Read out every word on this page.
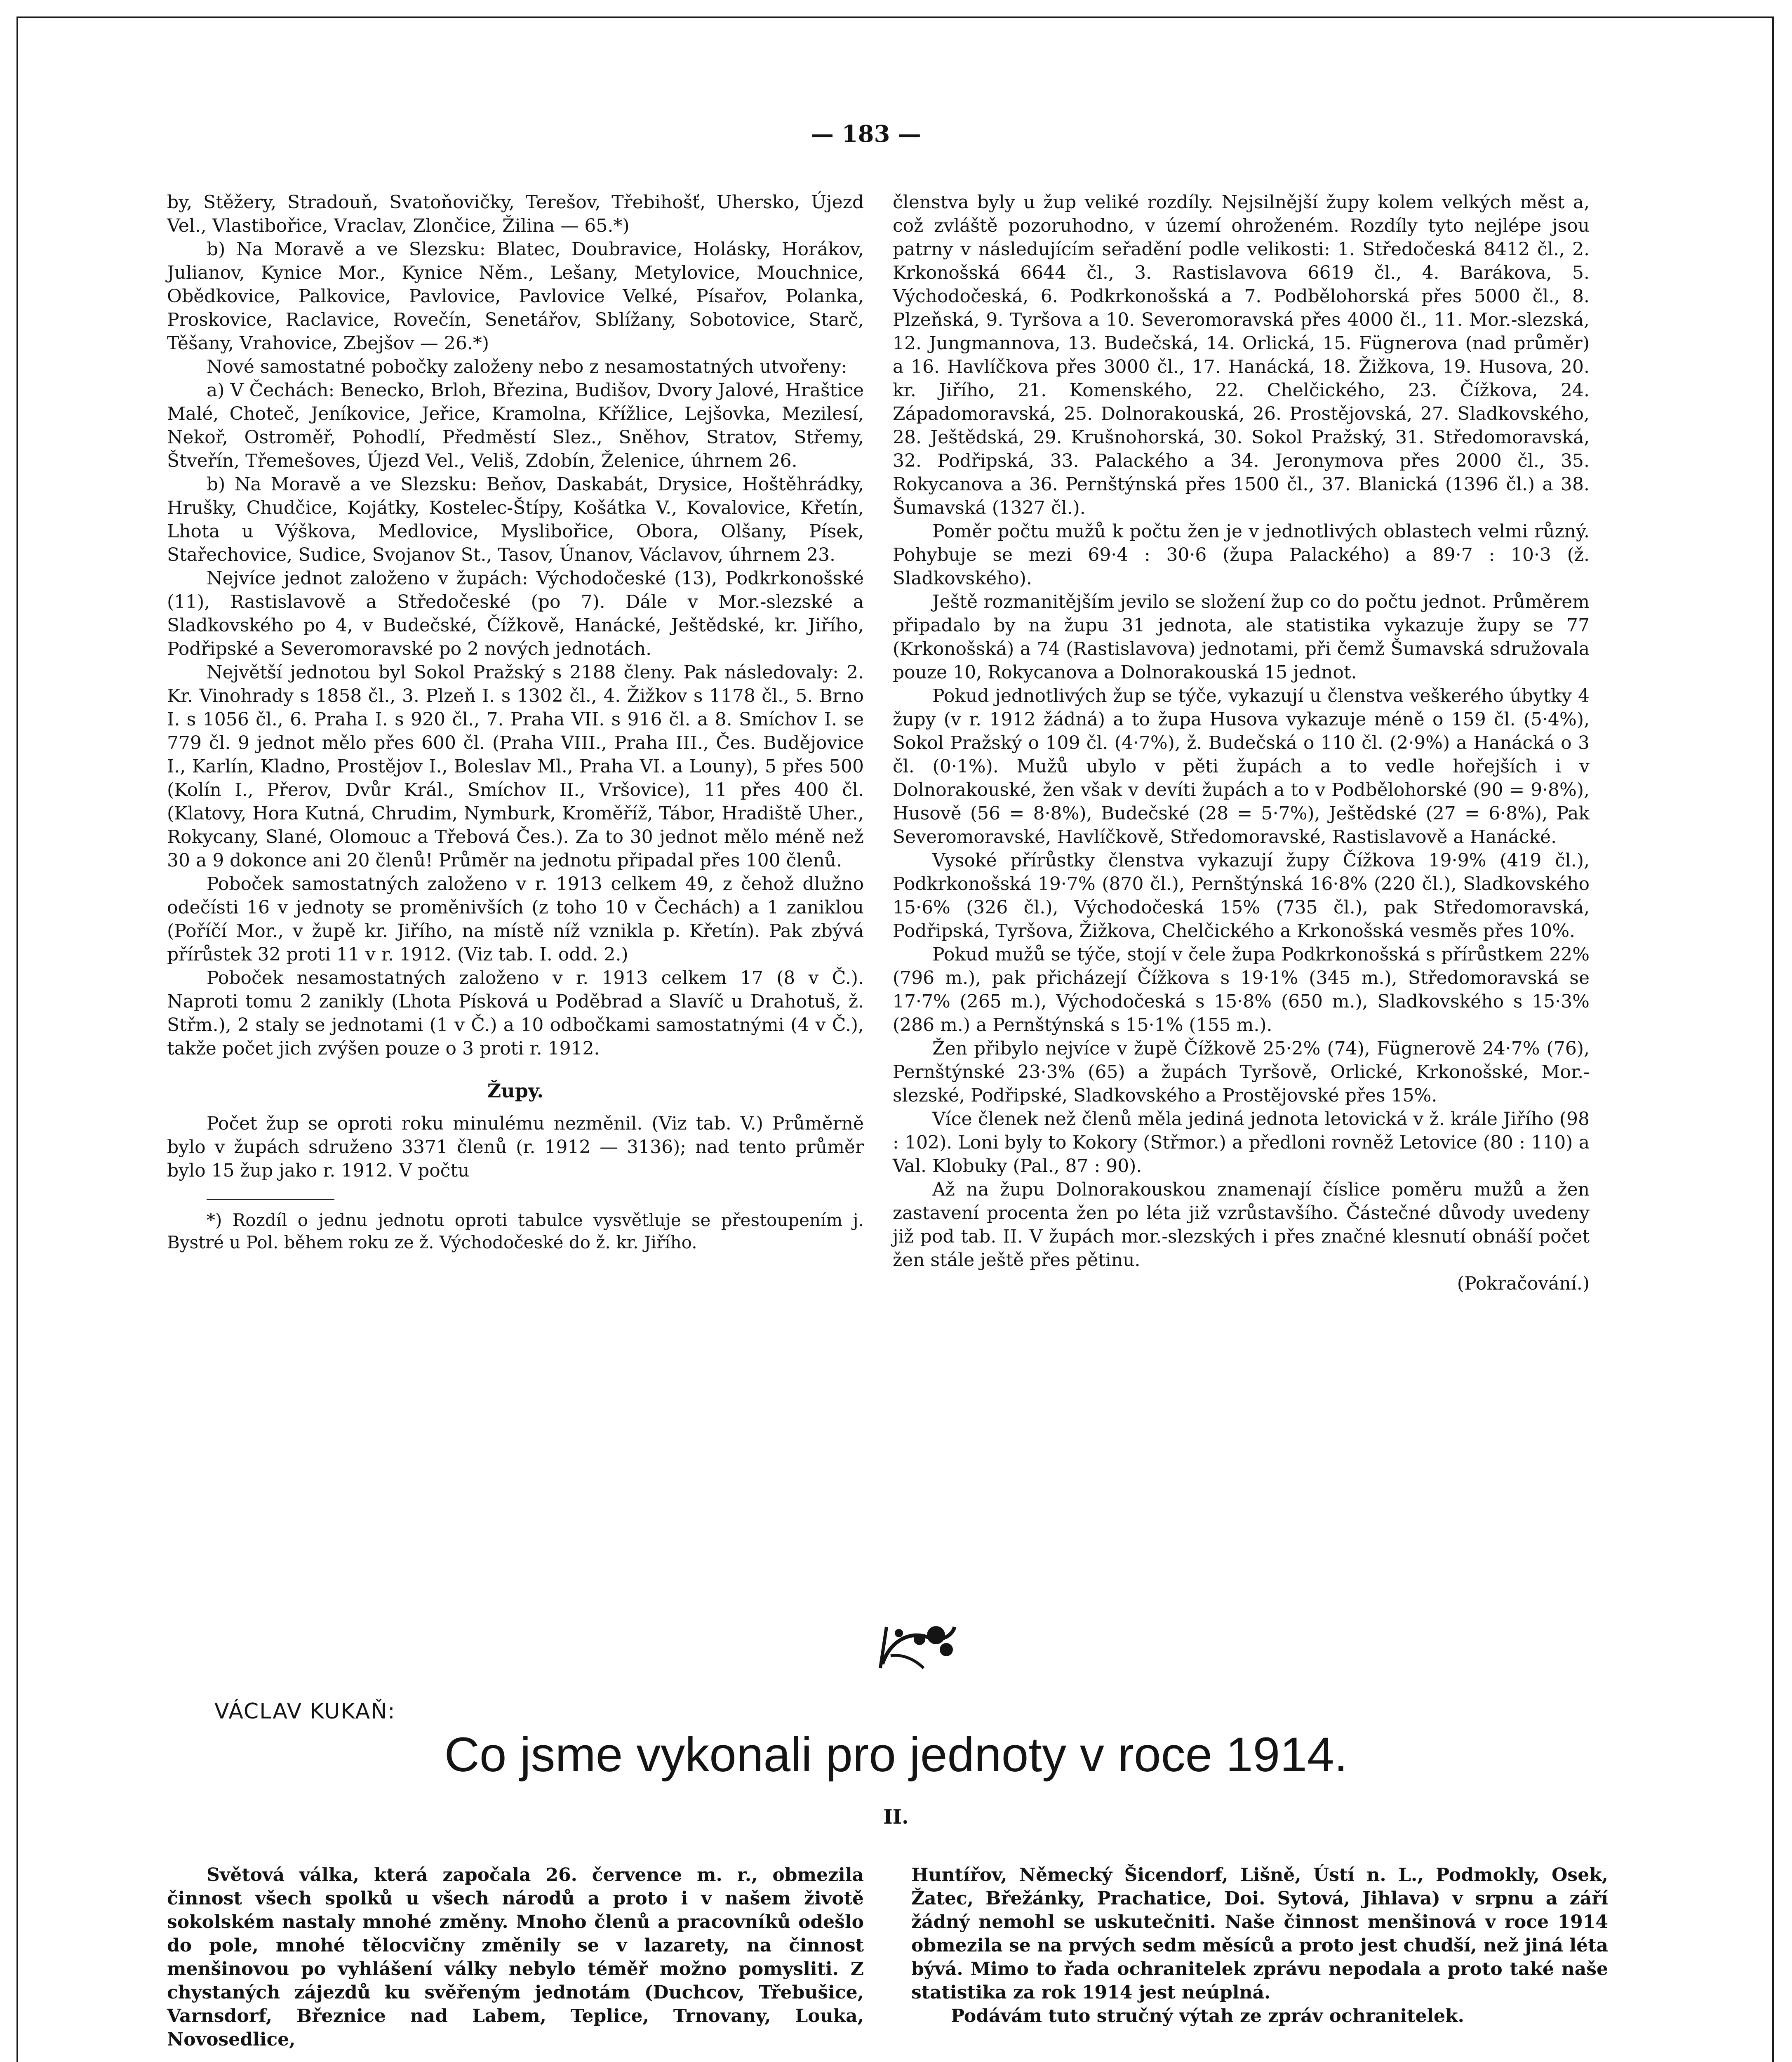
— 183 —

by, Stěžery, Stradouň, Svatoňovičky, Terešov, Třebihošť, Uhersko, Újezd Vel., Vlastibořice, Vraclav, Zlončice, Žilina — 65.*)

b) Na Moravě a ve Slezsku: Blatec, Doubravice, Holásky, Horákov, Julianov, Kynice Mor., Kynice Něm., Lešany, Metylovice, Mouchnice, Obědkovice, Palkovice, Pavlovice, Pavlovice Velké, Písařov, Polanka, Proskovice, Raclavice, Rovečín, Senetářov, Sblížany, Sobotovice, Starč, Těšany, Vrahovice, Zbejšov — 26.*)

Nové samostatné pobočky založeny nebo z nesamostatných utvořeny:

a) V Čechách: Benecko, Brloh, Březina, Budišov, Dvory Jalové, Hraštice Malé, Choteč, Jeníkovice, Jeřice, Kramolna, Křížlice, Lejšovka, Mezilesí, Nekoř, Ostroměř, Pohodlí, Předměstí Slez., Sněhov, Stratov, Střemy, Štveřín, Třemešoves, Újezd Vel., Veliš, Zdobín, Želenice, úhrnem 26.

b) Na Moravě a ve Slezsku: Beňov, Daskabát, Drysice, Hoštěhrádky, Hrušky, Chudčice, Kojátky, Kostelec-Štípy, Košátka V., Kovalovice, Křetín, Lhota u Výškova, Medlovice, Myslibořice, Obora, Olšany, Písek, Stařechovice, Sudice, Svojanov St., Tasov, Únanov, Václavov, úhrnem 23.

Nejvíce jednot založeno v župách: Východočeské (13), Podkrkonošské (11), Rastislavově a Středočeské (po 7). Dále v Mor.-slezské a Sladkovského po 4, v Budečské, Čížkově, Hanácké, Ještědské, kr. Jiřího, Podřipské a Severomoravské po 2 nových jednotách.

Největší jednotou byl Sokol Pražský s 2188 členy. Pak následovaly: 2. Kr. Vinohrady s 1858 čl., 3. Plzeň I. s 1302 čl., 4. Žižkov s 1178 čl., 5. Brno I. s 1056 čl., 6. Praha I. s 920 čl., 7. Praha VII. s 916 čl. a 8. Smíchov I. se 779 čl. 9 jednot mělo přes 600 čl. (Praha VIII., Praha III., Čes. Budějovice I., Karlín, Kladno, Prostějov I., Boleslav Ml., Praha VI. a Louny), 5 přes 500 (Kolín I., Přerov, Dvůr Král., Smíchov II., Vršovice), 11 přes 400 čl. (Klatovy, Hora Kutná, Chrudim, Nymburk, Kroměříž, Tábor, Hradiště Uher., Rokycany, Slané, Olomouc a Třebová Čes.). Za to 30 jednot mělo méně než 30 a 9 dokonce ani 20 členů! Průměr na jednotu připadal přes 100 členů.

Poboček samostatných založeno v r. 1913 celkem 49, z čehož dlužno odečísti 16 v jednoty se proměnivších (z toho 10 v Čechách) a 1 zaniklou (Poříčí Mor., v župě kr. Jiřího, na místě níž vznikla p. Křetín). Pak zbývá přírůstek 32 proti 11 v r. 1912. (Viz tab. I. odd. 2.)

Poboček nesamostatných založeno v r. 1913 celkem 17 (8 v Č.). Naproti tomu 2 zanikly (Lhota Písková u Poděbrad a Slavíč u Drahotuš, ž. Střm.), 2 staly se jednotami (1 v Č.) a 10 odbočkami samostatnými (4 v Č.), takže počet jich zvýšen pouze o 3 proti r. 1912.

Župy.

Počet žup se oproti roku minulému nezměnil. (Viz tab. V.) Průměrně bylo v župách sdruženo 3371 členů (r. 1912 — 3136); nad tento průměr bylo 15 žup jako r. 1912. V počtu

*) Rozdíl o jednu jednotu oproti tabulce vysvětluje se přestoupením j. Bystré u Pol. během roku ze ž. Východočeské do ž. kr. Jiřího.

členstva byly u žup veliké rozdíly. Nejsilnější župy kolem velkých měst a, což zvláště pozoruhodno, v území ohroženém. Rozdíly tyto nejlépe jsou patrny v následujícím seřadění podle velikosti: 1. Středočeská 8412 čl., 2. Krkonošská 6644 čl., 3. Rastislavova 6619 čl., 4. Barákova, 5. Východočeská, 6. Podkrkonošská a 7. Podbělohorská přes 5000 čl., 8. Plzeňská, 9. Tyršova a 10. Severomoravská přes 4000 čl., 11. Mor.-slezská, 12. Jungmannova, 13. Budečská, 14. Orlická, 15. Fügnerova (nad průměr) a 16. Havlíčkova přes 3000 čl., 17. Hanácká, 18. Žižkova, 19. Husova, 20. kr. Jiřího, 21. Komenského, 22. Chelčického, 23. Čížkova, 24. Západomoravská, 25. Dolnorakouská, 26. Prostějovská, 27. Sladkovského, 28. Ještědská, 29. Krušnohorská, 30. Sokol Pražský, 31. Středomoravská, 32. Podřipská, 33. Palackého a 34. Jeronymova přes 2000 čl., 35. Rokycanova a 36. Pernštýnská přes 1500 čl., 37. Blanická (1396 čl.) a 38. Šumavská (1327 čl.).

Poměr počtu mužů k počtu žen je v jednotlivých oblastech velmi různý. Pohybuje se mezi 69·4 : 30·6 (župa Palackého) a 89·7 : 10·3 (ž. Sladkovského).

Ještě rozmanitějším jevilo se složení žup co do počtu jednot. Průměrem připadalo by na župu 31 jednota, ale statistika vykazuje župy se 77 (Krkonošská) a 74 (Rastislavova) jednotami, při čemž Šumavská sdružovala pouze 10, Rokycanova a Dolnorakouská 15 jednot.

Pokud jednotlivých žup se týče, vykazují u členstva veškerého úbytky 4 župy (v r. 1912 žádná) a to župa Husova vykazuje méně o 159 čl. (5·4%), Sokol Pražský o 109 čl. (4·7%), ž. Budečská o 110 čl. (2·9%) a Hanácká o 3 čl. (0·1%). Mužů ubylo v pěti župách a to vedle hořejších i v Dolnorakouské, žen však v devíti župách a to v Podbělohorské (90 = 9·8%), Husově (56 = 8·8%), Budečské (28 = 5·7%), Ještědské (27 = 6·8%), Pak Severomoravské, Havlíčkově, Středomoravské, Rastislavově a Hanácké.

Vysoké přírůstky členstva vykazují župy Čížkova 19·9% (419 čl.), Podkrkonošská 19·7% (870 čl.), Pernštýnská 16·8% (220 čl.), Sladkovského 15·6% (326 čl.), Východočeská 15% (735 čl.), pak Středomoravská, Podřipská, Tyršova, Žižkova, Chelčického a Krkonošská vesměs přes 10%.

Pokud mužů se týče, stojí v čele župa Podkrkonošská s přírůstkem 22% (796 m.), pak přicházejí Čížkova s 19·1% (345 m.), Středomoravská se 17·7% (265 m.), Východočeská s 15·8% (650 m.), Sladkovského s 15·3% (286 m.) a Pernštýnská s 15·1% (155 m.).

Žen přibylo nejvíce v župě Čížkově 25·2% (74), Fügnerově 24·7% (76), Pernštýnské 23·3% (65) a župách Tyršově, Orlické, Krkonošské, Mor.-slezské, Podřipské, Sladkovského a Prostějovské přes 15%.

Více členek než členů měla jediná jednota letovická v ž. krále Jiřího (98 : 102). Loni byly to Kokory (Střmor.) a předloni rovněž Letovice (80 : 110) a Val. Klobuky (Pal., 87 : 90).

Až na župu Dolnorakouskou znamenají číslice poměru mužů a žen zastavení procenta žen po léta již vzrůstavšího. Částečné důvody uvedeny již pod tab. II. V župách mor.-slezských i přes značné klesnutí obnáší počet žen stále ještě přes pětinu.

(Pokračování.)

VÁCLAV KUKAŇ:
Co jsme vykonali pro jednoty v roce 1914.
II.

Světová válka, která započala 26. července m. r., obmezila činnost všech spolků u všech národů a proto i v našem životě sokolském nastaly mnohé změny. Mnoho členů a pracovníků odešlo do pole, mnohé tělocvičny změnily se v lazarety, na činnost menšinovou po vyhlášení války nebylo téměř možno pomysliti. Z chystaných zájezdů ku svěřeným jednotám (Duchcov, Třebušice, Varnsdorf, Březnice nad Labem, Teplice, Trnovany, Louka, Novosedlice,

Huntířov, Německý Šicendorf, Lišně, Ústí n. L., Podmokly, Osek, Žatec, Břežánky, Prachatice, Doi. Sytová, Jihlava) v srpnu a září žádný nemohl se uskutečniti. Naše činnost menšinová v roce 1914 obmezila se na prvých sedm měsíců a proto jest chudší, než jiná léta bývá. Mimo to řada ochranitelek zprávu nepodala a proto také naše statistika za rok 1914 jest neúplná.

Podávám tuto stručný výtah ze zpráv ochranitelek.
